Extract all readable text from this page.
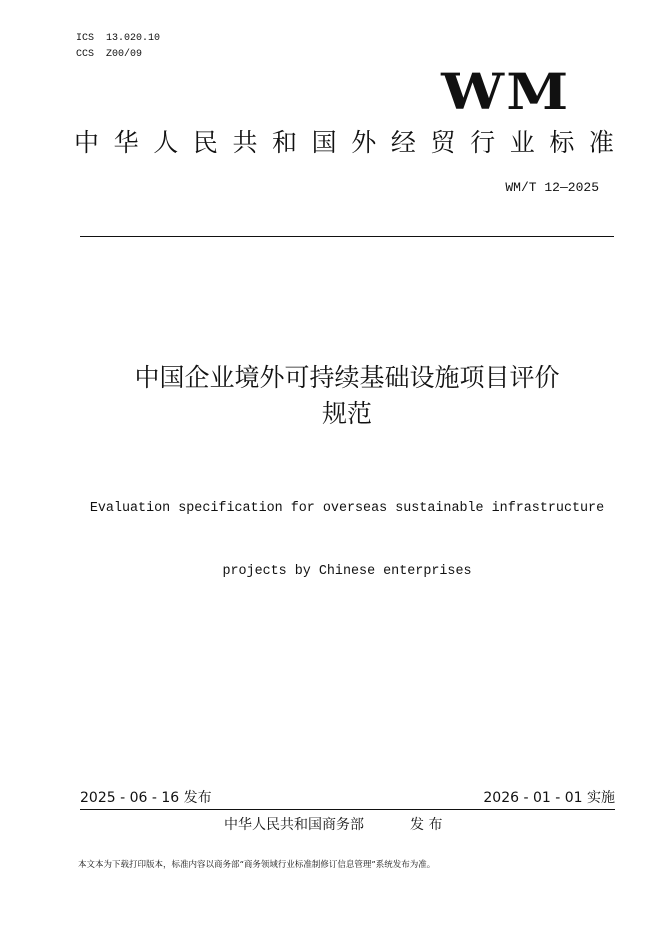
ICS  13.020.10
CCS  Z00/09
WM
中 华 人 民 共 和 国 外 经 贸 行 业 标 准
WM/T 12—2025
中国企业境外可持续基础设施项目评价
规范

Evaluation specification for overseas sustainable infrastructure

projects by Chinese enterprises

2025 - 06 - 16 发布	2026 - 01 - 01 实施
中华人民共和国商务部	发 布
本文本为下载打印版本，标准内容以商务部“商务领域行业标准制修订信息管理”系统发布为准。
